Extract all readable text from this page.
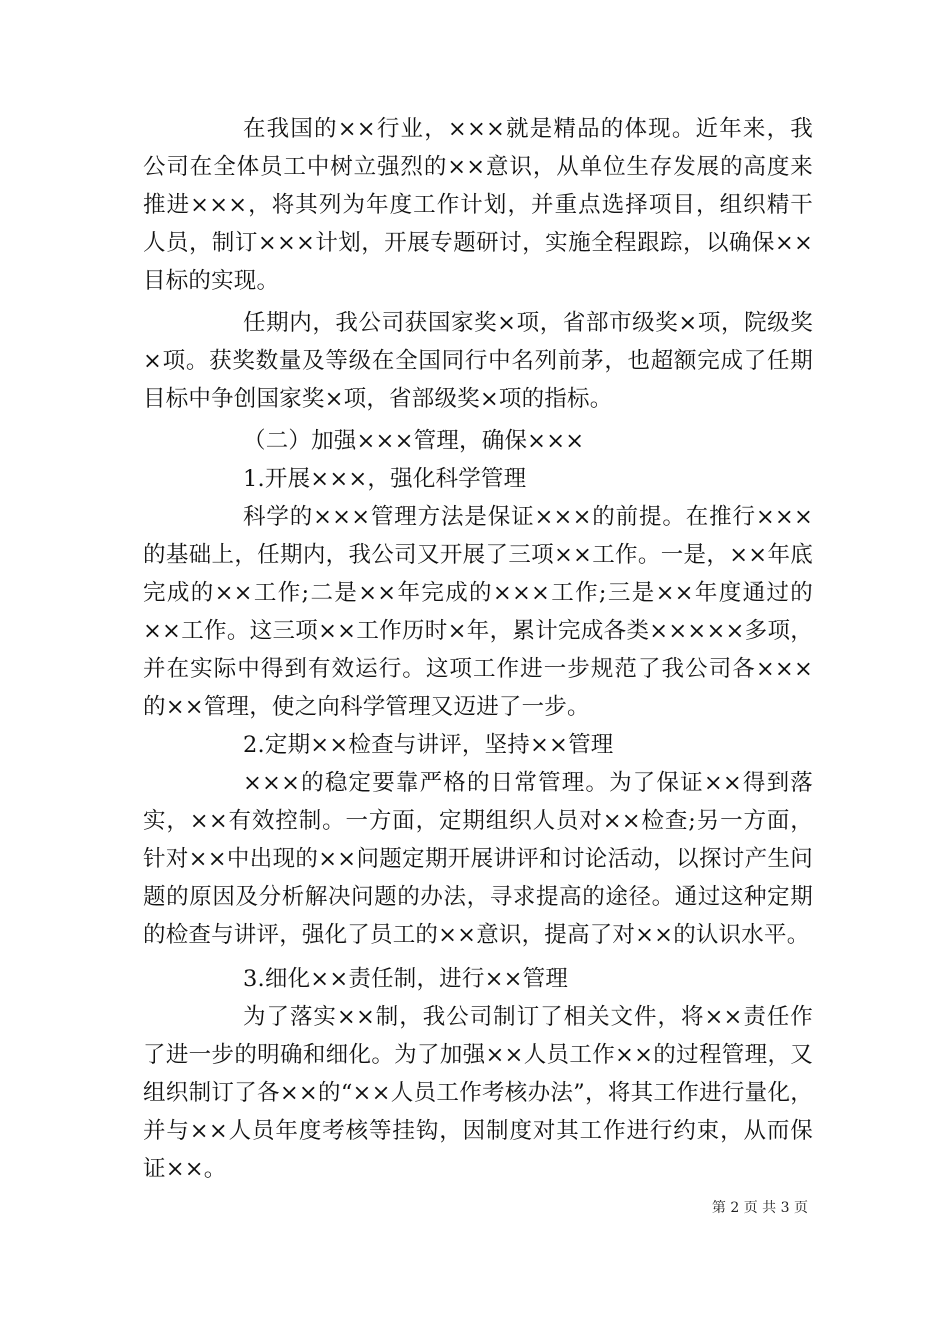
在我国的××行业，×××就是精品的体现。近年来，我公司在全体员工中树立强烈的××意识，从单位生存发展的高度来推进×××，将其列为年度工作计划，并重点选择项目，组织精干人员，制订×××计划，开展专题研讨，实施全程跟踪，以确保××目标的实现。

任期内，我公司获国家奖×项，省部市级奖×项，院级奖×项。获奖数量及等级在全国同行中名列前茅，也超额完成了任期目标中争创国家奖×项，省部级奖×项的指标。

（二）加强×××管理，确保×××

1.开展×××，强化科学管理

科学的×××管理方法是保证×××的前提。在推行×××的基础上，任期内，我公司又开展了三项××工作。一是，××年底完成的××工作;二是××年完成的×××工作;三是××年度通过的××工作。这三项××工作历时×年，累计完成各类×××××多项，并在实际中得到有效运行。这项工作进一步规范了我公司各×××的××管理，使之向科学管理又迈进了一步。

2.定期××检查与讲评，坚持××管理

×××的稳定要靠严格的日常管理。为了保证××得到落实，××有效控制。一方面，定期组织人员对××检查;另一方面，针对××中出现的××问题定期开展讲评和讨论活动，以探讨产生问题的原因及分析解决问题的办法，寻求提高的途径。通过这种定期的检查与讲评，强化了员工的××意识，提高了对××的认识水平。

3.细化××责任制，进行××管理

为了落实××制，我公司制订了相关文件，将××责任作了进一步的明确和细化。为了加强××人员工作××的过程管理，又组织制订了各××的“××人员工作考核办法”，将其工作进行量化，并与××人员年度考核等挂钩，因制度对其工作进行约束，从而保证××。

第 2 页 共 3 页
